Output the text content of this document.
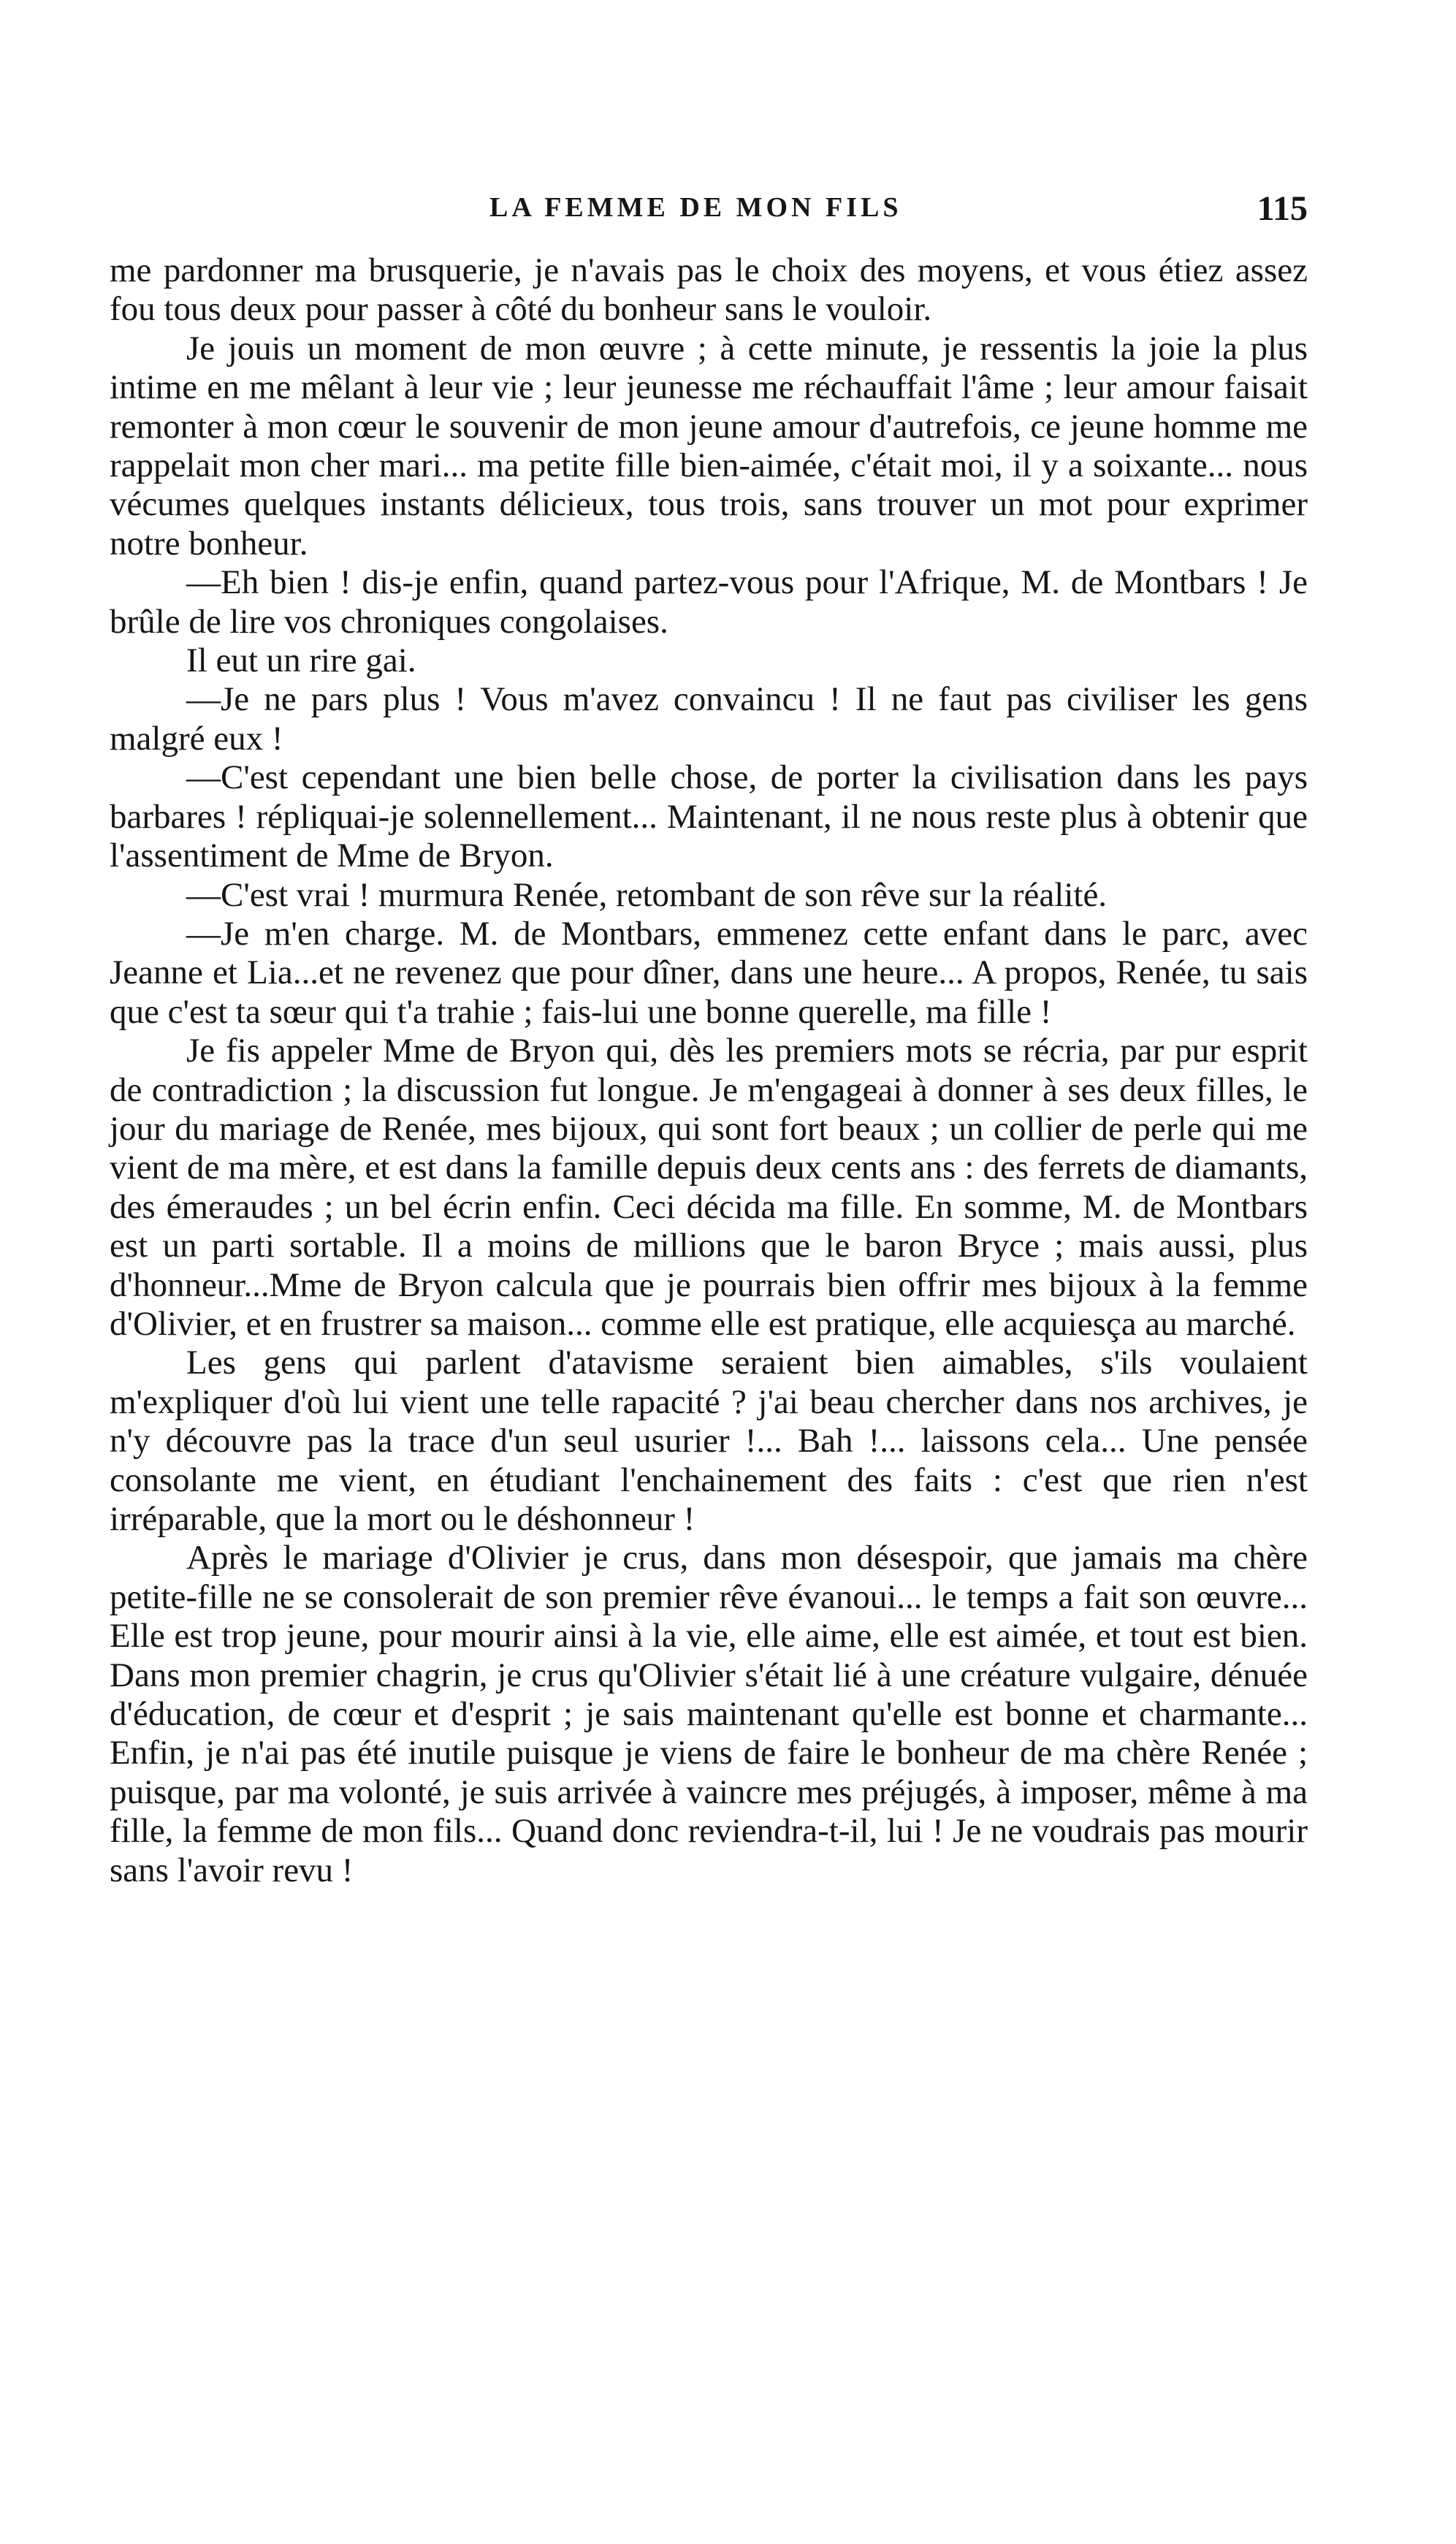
LA FEMME DE MON FILS	115

me pardonner ma brusquerie, je n'avais pas le choix des moyens, et vous étiez assez fou tous deux pour passer à côté du bonheur sans le vouloir.

Je jouis un moment de mon œuvre ; à cette minute, je ressentis la joie la plus intime en me mêlant à leur vie ; leur jeunesse me réchauffait l'âme ; leur amour faisait remonter à mon cœur le souvenir de mon jeune amour d'autrefois, ce jeune homme me rappelait mon cher mari... ma petite fille bien-aimée, c'était moi, il y a soixante... nous vécumes quelques instants délicieux, tous trois, sans trouver un mot pour exprimer notre bonheur.

—Eh bien ! dis-je enfin, quand partez-vous pour l'Afrique, M. de Montbars ! Je brûle de lire vos chroniques congolaises.

Il eut un rire gai.

—Je ne pars plus ! Vous m'avez convaincu ! Il ne faut pas civiliser les gens malgré eux !

—C'est cependant une bien belle chose, de porter la civilisation dans les pays barbares ! répliquai-je solennellement... Maintenant, il ne nous reste plus à obtenir que l'assentiment de Mme de Bryon.

—C'est vrai ! murmura Renée, retombant de son rêve sur la réalité.

—Je m'en charge. M. de Montbars, emmenez cette enfant dans le parc, avec Jeanne et Lia...et ne revenez que pour dîner, dans une heure... A propos, Renée, tu sais que c'est ta sœur qui t'a trahie ; fais-lui une bonne querelle, ma fille !

Je fis appeler Mme de Bryon qui, dès les premiers mots se récria, par pur esprit de contradiction ; la discussion fut longue. Je m'engageai à donner à ses deux filles, le jour du mariage de Renée, mes bijoux, qui sont fort beaux ; un collier de perle qui me vient de ma mère, et est dans la famille depuis deux cents ans : des ferrets de diamants, des émeraudes ; un bel écrin enfin. Ceci décida ma fille. En somme, M. de Montbars est un parti sortable. Il a moins de millions que le baron Bryce ; mais aussi, plus d'honneur...Mme de Bryon calcula que je pourrais bien offrir mes bijoux à la femme d'Olivier, et en frustrer sa maison... comme elle est pratique, elle acquiesça au marché.

Les gens qui parlent d'atavisme seraient bien aimables, s'ils voulaient m'expliquer d'où lui vient une telle rapacité ? j'ai beau chercher dans nos archives, je n'y découvre pas la trace d'un seul usurier !... Bah !... laissons cela... Une pensée consolante me vient, en étudiant l'enchainement des faits : c'est que rien n'est irréparable, que la mort ou le déshonneur !

Après le mariage d'Olivier je crus, dans mon désespoir, que jamais ma chère petite-fille ne se consolerait de son premier rêve évanoui... le temps a fait son œuvre... Elle est trop jeune, pour mourir ainsi à la vie, elle aime, elle est aimée, et tout est bien. Dans mon premier chagrin, je crus qu'Olivier s'était lié à une créature vulgaire, dénuée d'éducation, de cœur et d'esprit ; je sais maintenant qu'elle est bonne et charmante... Enfin, je n'ai pas été inutile puisque je viens de faire le bonheur de ma chère Renée ; puisque, par ma volonté, je suis arrivée à vaincre mes préjugés, à imposer, même à ma fille, la femme de mon fils... Quand donc reviendra-t-il, lui ! Je ne voudrais pas mourir sans l'avoir revu !
